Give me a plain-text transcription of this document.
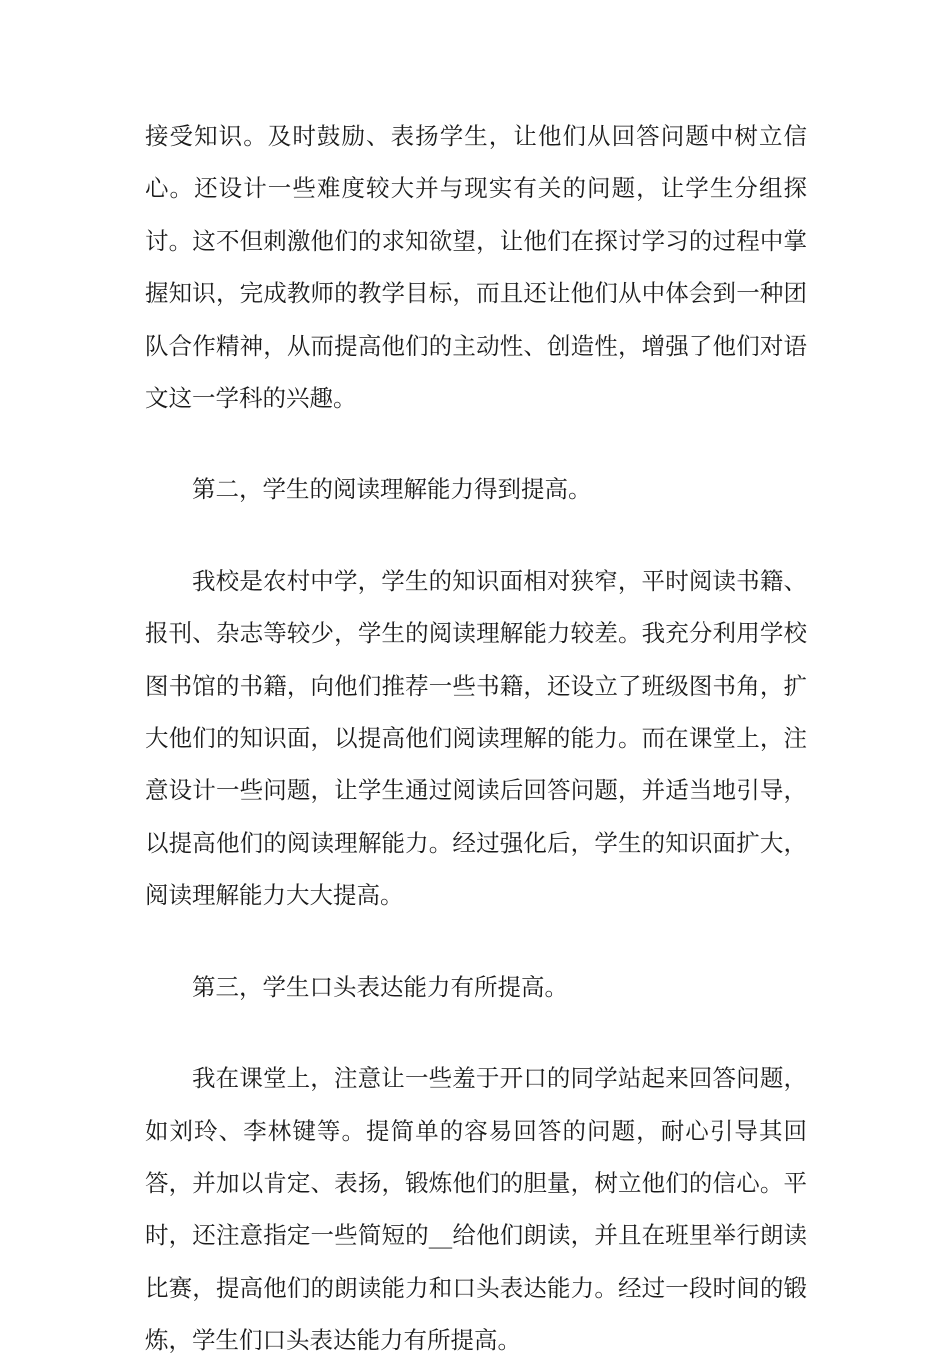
接受知识。及时鼓励、表扬学生，让他们从回答问题中树立信心。还设计一些难度较大并与现实有关的问题，让学生分组探讨。这不但刺激他们的求知欲望，让他们在探讨学习的过程中掌握知识，完成教师的教学目标，而且还让他们从中体会到一种团队合作精神，从而提高他们的主动性、创造性，增强了他们对语文这一学科的兴趣。

第二，学生的阅读理解能力得到提高。

我校是农村中学，学生的知识面相对狭窄，平时阅读书籍、报刊、杂志等较少，学生的阅读理解能力较差。我充分利用学校图书馆的书籍，向他们推荐一些书籍，还设立了班级图书角，扩大他们的知识面，以提高他们阅读理解的能力。而在课堂上，注意设计一些问题，让学生通过阅读后回答问题，并适当地引导，以提高他们的阅读理解能力。经过强化后，学生的知识面扩大，阅读理解能力大大提高。

第三，学生口头表达能力有所提高。

我在课堂上，注意让一些羞于开口的同学站起来回答问题，如刘玲、李林键等。提简单的容易回答的问题，耐心引导其回答，并加以肯定、表扬，锻炼他们的胆量，树立他们的信心。平时，还注意指定一些简短的__给他们朗读，并且在班里举行朗读比赛，提高他们的朗读能力和口头表达能力。经过一段时间的锻炼，学生们口头表达能力有所提高。
